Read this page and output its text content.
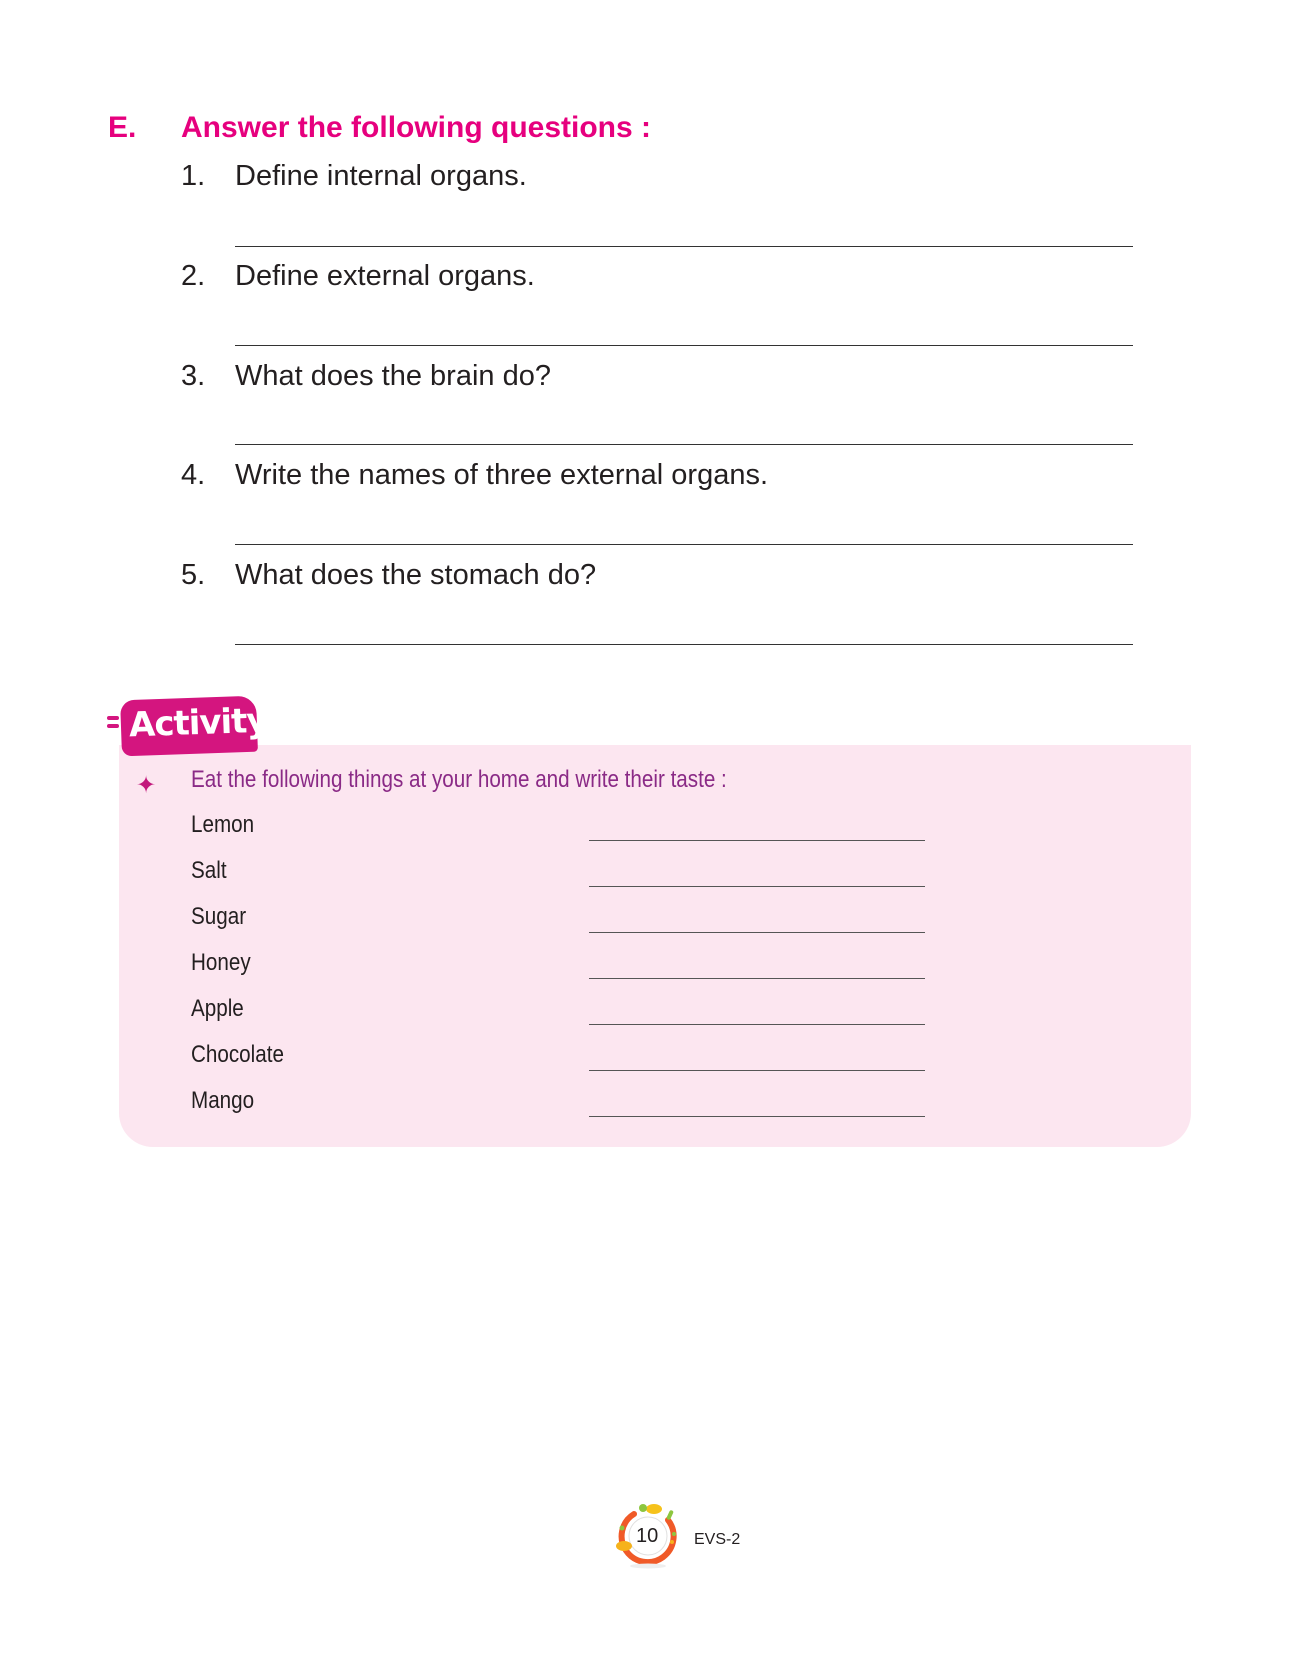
E. Answer the following questions :
1. Define internal organs.
2. Define external organs.
3. What does the brain do?
4. Write the names of three external organs.
5. What does the stomach do?
Activity
✦ Eat the following things at your home and write their taste :
Lemon
Salt
Sugar
Honey
Apple
Chocolate
Mango
10 EVS-2
